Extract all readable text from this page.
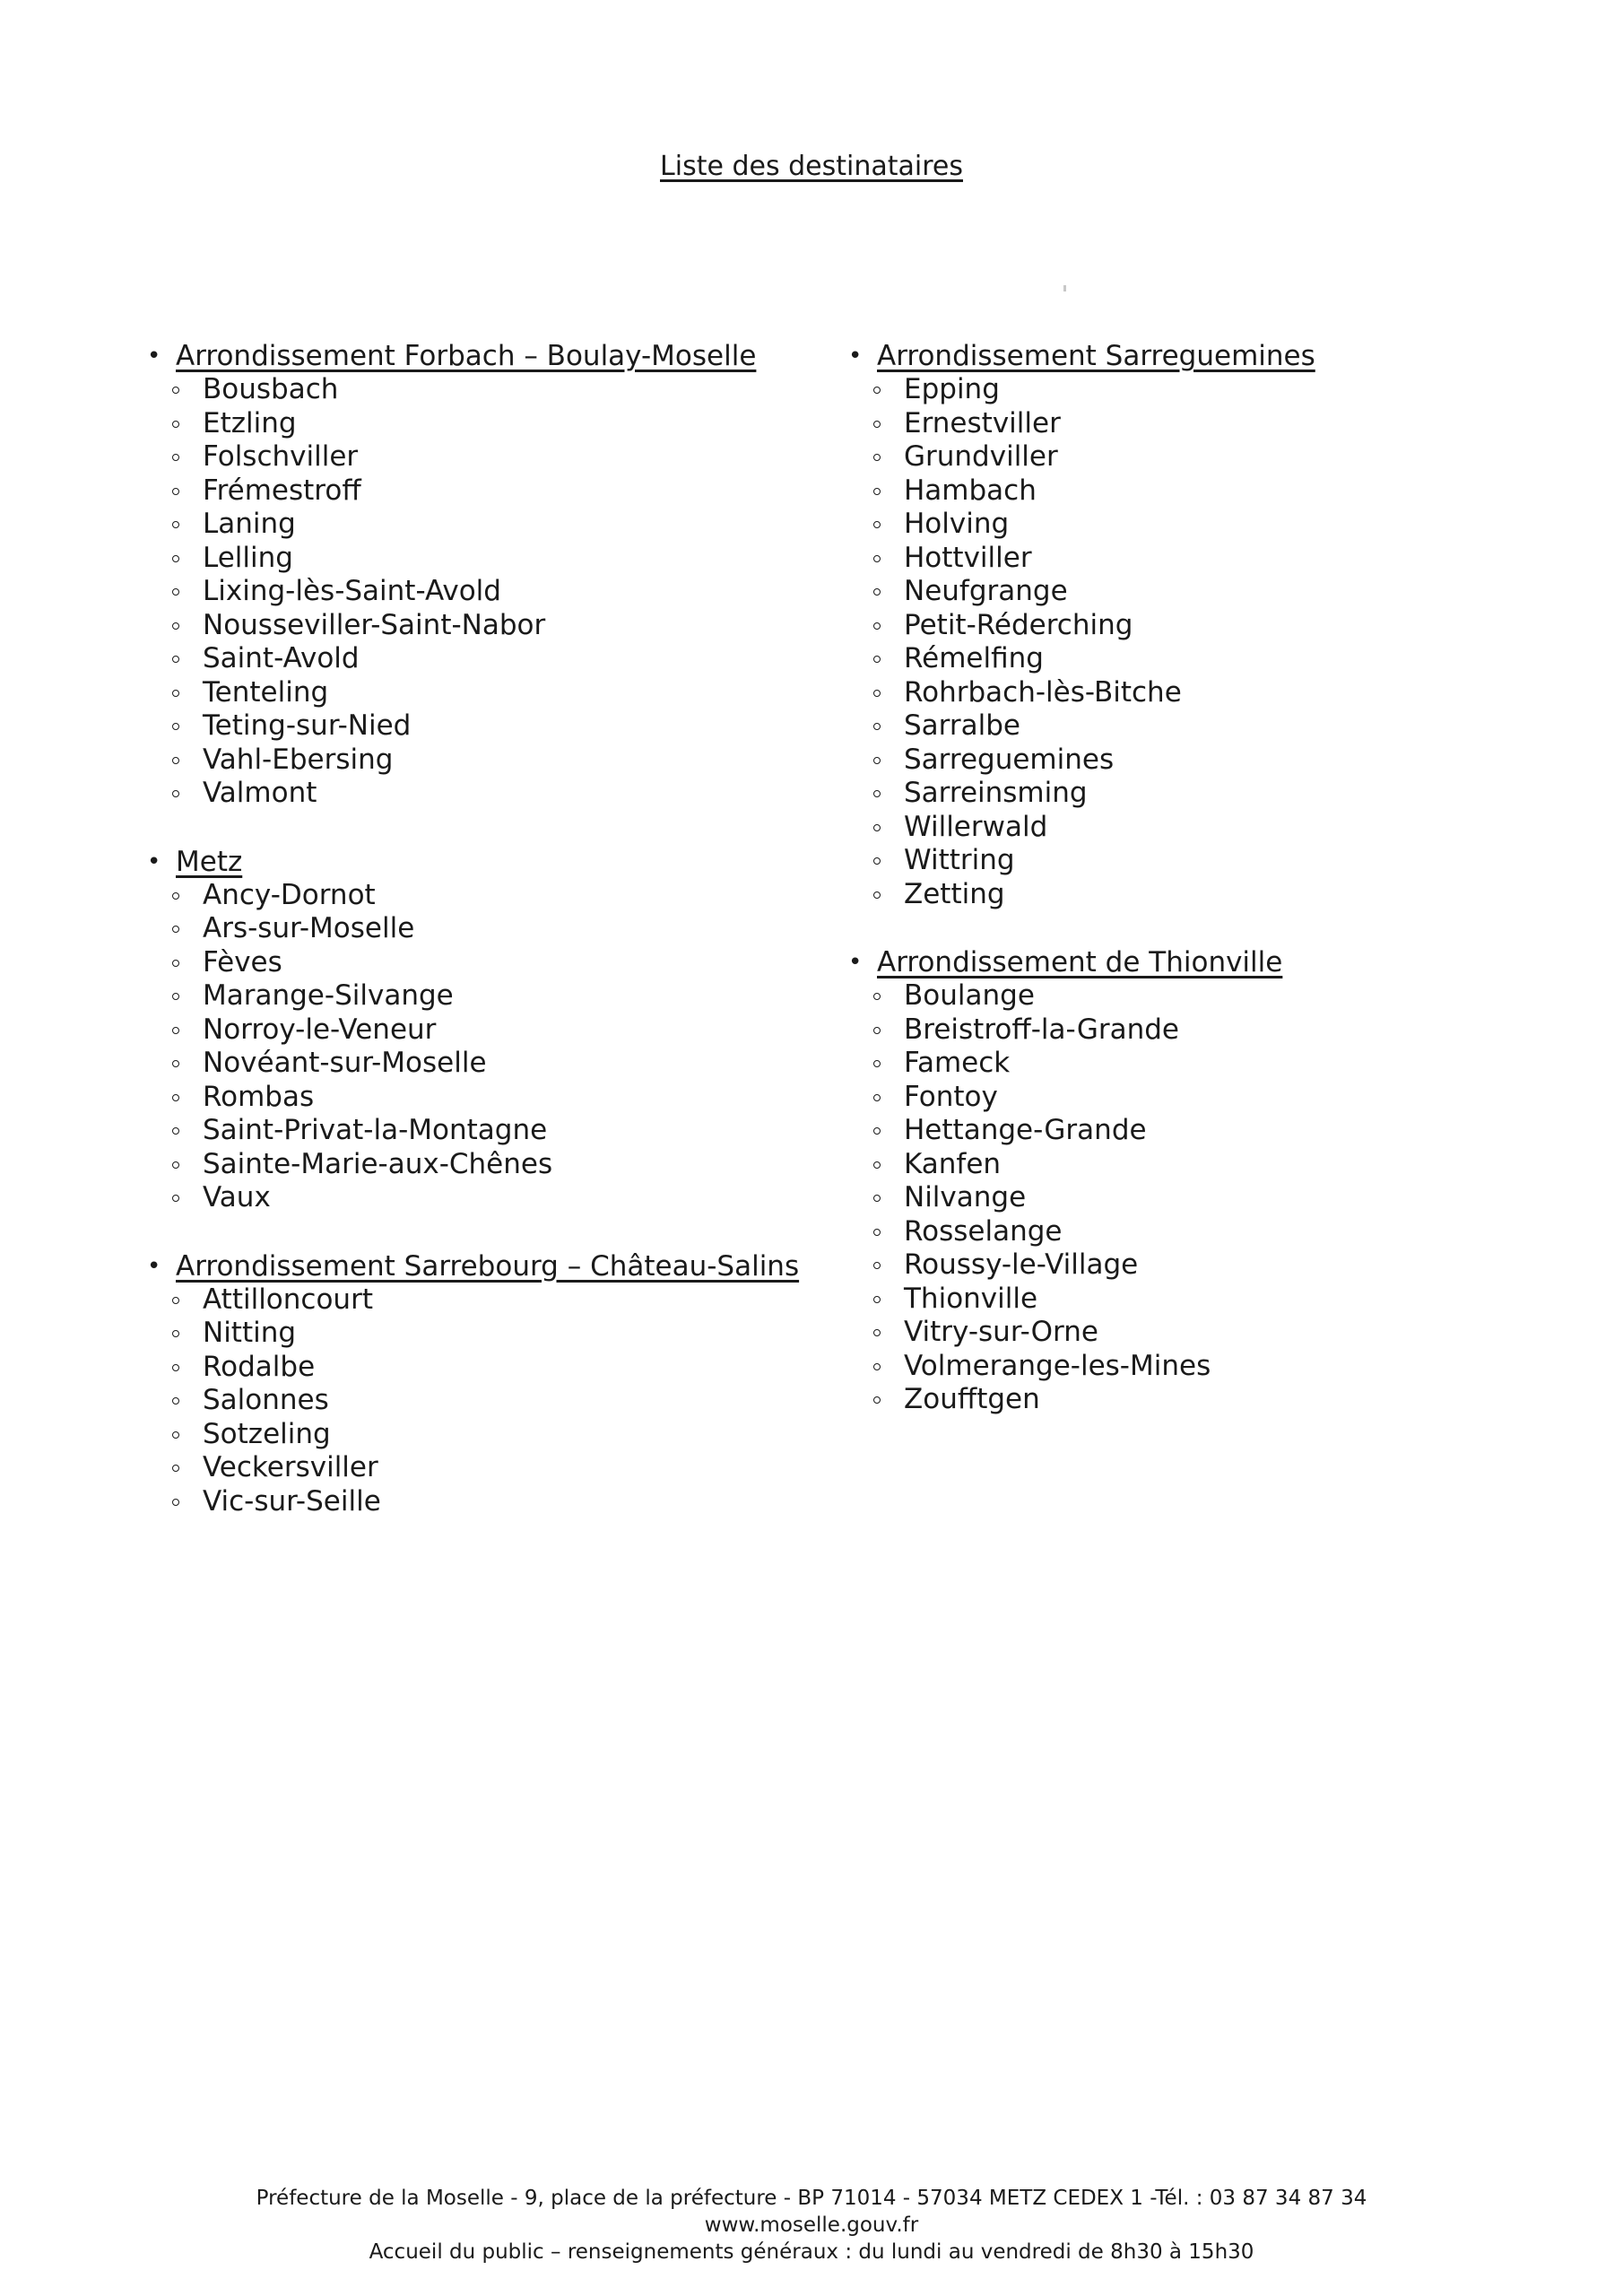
Liste des destinataires
• Arrondissement Forbach – Boulay-Moselle
Bousbach
Etzling
Folschviller
Frémestroff
Laning
Lelling
Lixing-lès-Saint-Avold
Nousseviller-Saint-Nabor
Saint-Avold
Tenteling
Teting-sur-Nied
Vahl-Ebersing
Valmont
• Metz
Ancy-Dornot
Ars-sur-Moselle
Fèves
Marange-Silvange
Norroy-le-Veneur
Novéant-sur-Moselle
Rombas
Saint-Privat-la-Montagne
Sainte-Marie-aux-Chênes
Vaux
• Arrondissement Sarrebourg – Château-Salins
Attilloncourt
Nitting
Rodalbe
Salonnes
Sotzeling
Veckersviller
Vic-sur-Seille
• Arrondissement Sarreguemines
Epping
Ernestviller
Grundviller
Hambach
Holving
Hottviller
Neufgrange
Petit-Réderching
Rémelfing
Rohrbach-lès-Bitche
Sarralbe
Sarreguemines
Sarreinsming
Willerwald
Wittring
Zetting
• Arrondissement de Thionville
Boulange
Breistroff-la-Grande
Fameck
Fontoy
Hettange-Grande
Kanfen
Nilvange
Rosselange
Roussy-le-Village
Thionville
Vitry-sur-Orne
Volmerange-les-Mines
Zoufftgen
Préfecture de la Moselle - 9, place de la préfecture - BP 71014 - 57034 METZ CEDEX 1 -Tél. : 03 87 34 87 34
www.moselle.gouv.fr
Accueil du public – renseignements généraux : du lundi au vendredi de 8h30 à 15h30
